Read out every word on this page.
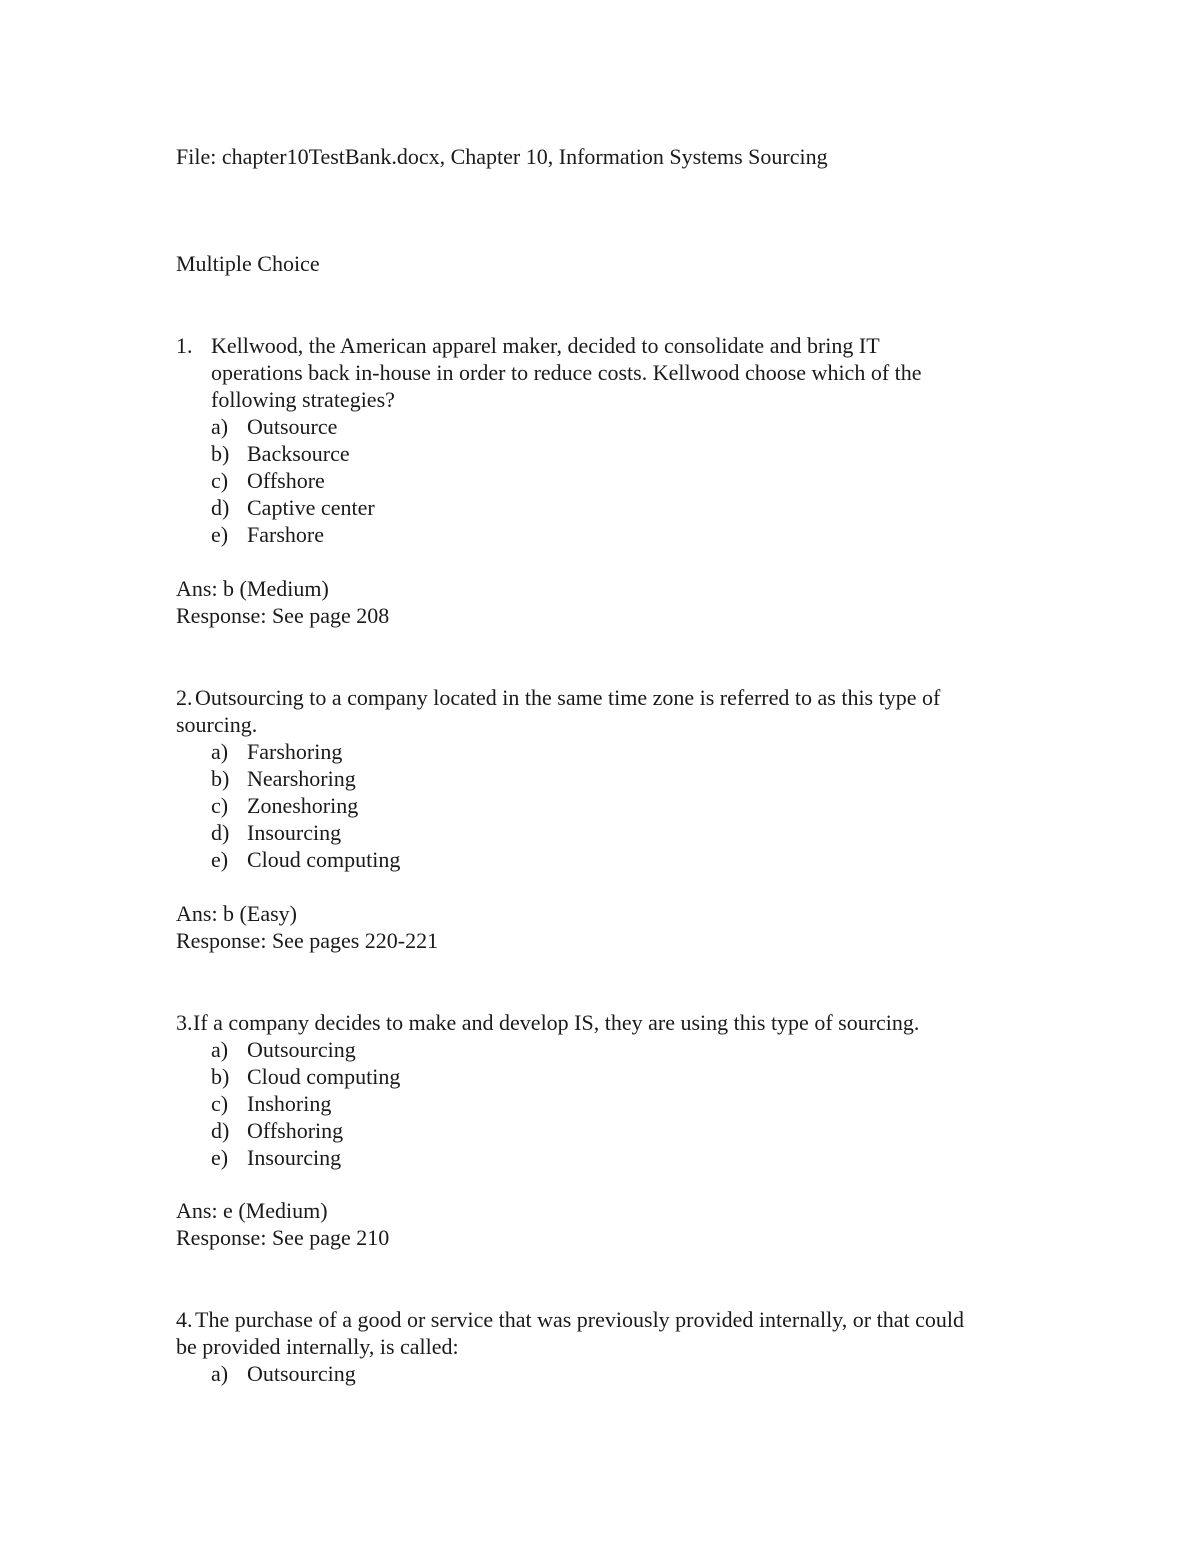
File: chapter10TestBank.docx, Chapter 10, Information Systems Sourcing
Multiple Choice
1. Kellwood, the American apparel maker, decided to consolidate and bring IT
operations back in-house in order to reduce costs. Kellwood choose which of the
following strategies?
a) Outsource
b) Backsource
c) Offshore
d) Captive center
e) Farshore
Ans: b (Medium)
Response: See page 208
2. Outsourcing to a company located in the same time zone is referred to as this type of
sourcing.
a) Farshoring
b) Nearshoring
c) Zoneshoring
d) Insourcing
e) Cloud computing
Ans: b (Easy)
Response: See pages 220-221
3. If a company decides to make and develop IS, they are using this type of sourcing.
a) Outsourcing
b) Cloud computing
c) Inshoring
d) Offshoring
e) Insourcing
Ans: e (Medium)
Response: See page 210
4. The purchase of a good or service that was previously provided internally, or that could
be provided internally, is called:
a) Outsourcing
